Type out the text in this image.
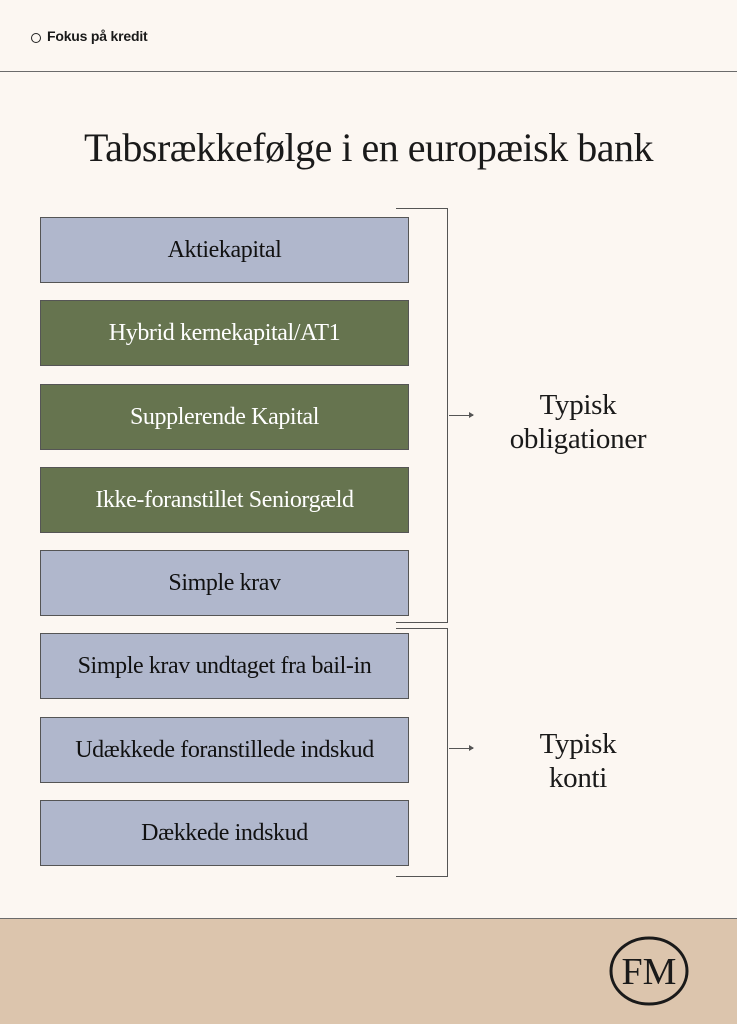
Fokus på kredit
Tabsrækkefølge i en europæisk bank
Aktiekapital
Hybrid kernekapital/AT1
Supplerende Kapital
Ikke-foranstillet Seniorgæld
Simple krav
Simple krav undtaget fra bail-in
Udækkede foranstillede indskud
Dækkede indskud
Typisk
obligationer
Typisk
konti
FM
